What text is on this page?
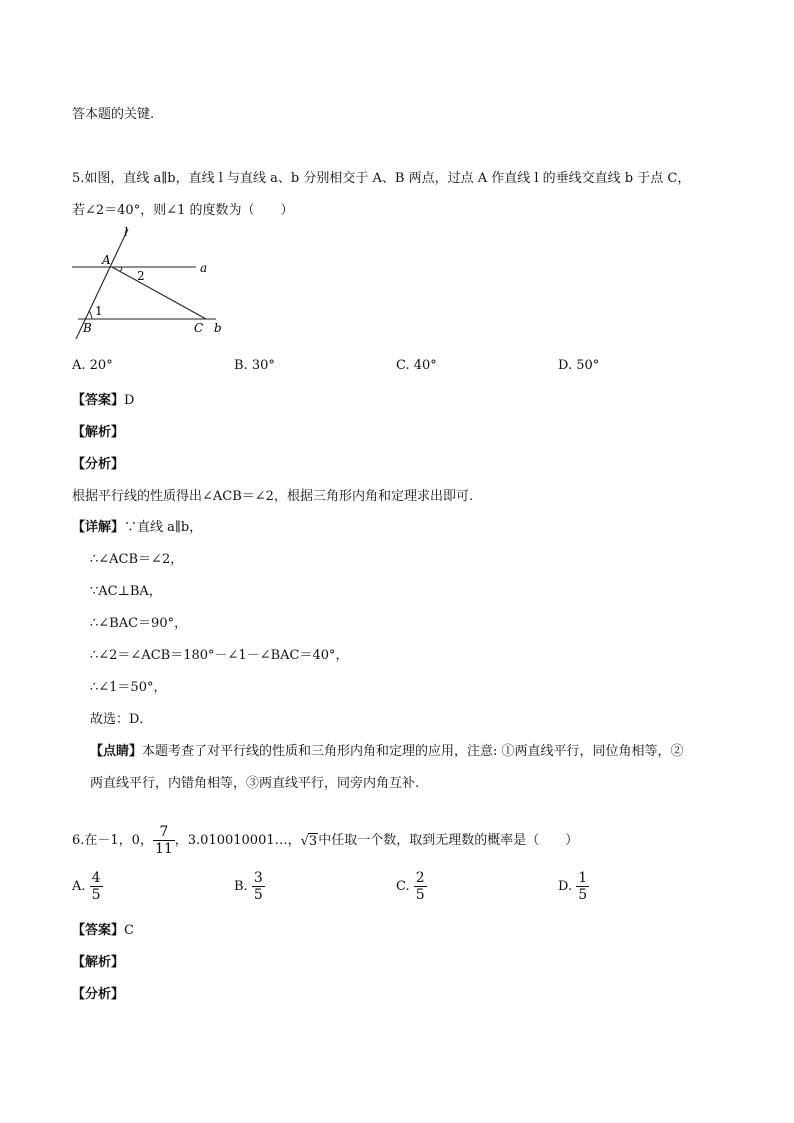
答本题的关键.
5.如图，直线 a∥b，直线 l 与直线 a、b 分别相交于 A、B 两点，过点 A 作直线 l 的垂线交直线 b 于点 C，
若∠2＝40°，则∠1 的度数为（　　）
l
A
2
a
1
B	C b
A. 20°	B. 30°	C. 40°	D. 50°
【答案】D
【解析】
【分析】
根据平行线的性质得出∠ACB＝∠2，根据三角形内角和定理求出即可.
【详解】∵直线 a∥b，
∴∠ACB＝∠2，
∵AC⊥BA，
∴∠BAC＝90°，
∴∠2＝∠ACB＝180°－∠1－∠BAC＝40°，
∴∠1＝50°，
故选：D．
【点睛】本题考查了对平行线的性质和三角形内角和定理的应用，注意: ①两直线平行，同位角相等，②
两直线平行，内错角相等，③两直线平行，同旁内角互补.
6.在－1，0， $\frac{7}{11}$ ，3.010010001…，√3中任取一个数，取到无理数的概率是（　　）
A. $\frac{4}{5}$	B. $\frac{3}{5}$	C. $\frac{2}{5}$	D. $\frac{1}{5}$
【答案】C
【解析】
【分析】
